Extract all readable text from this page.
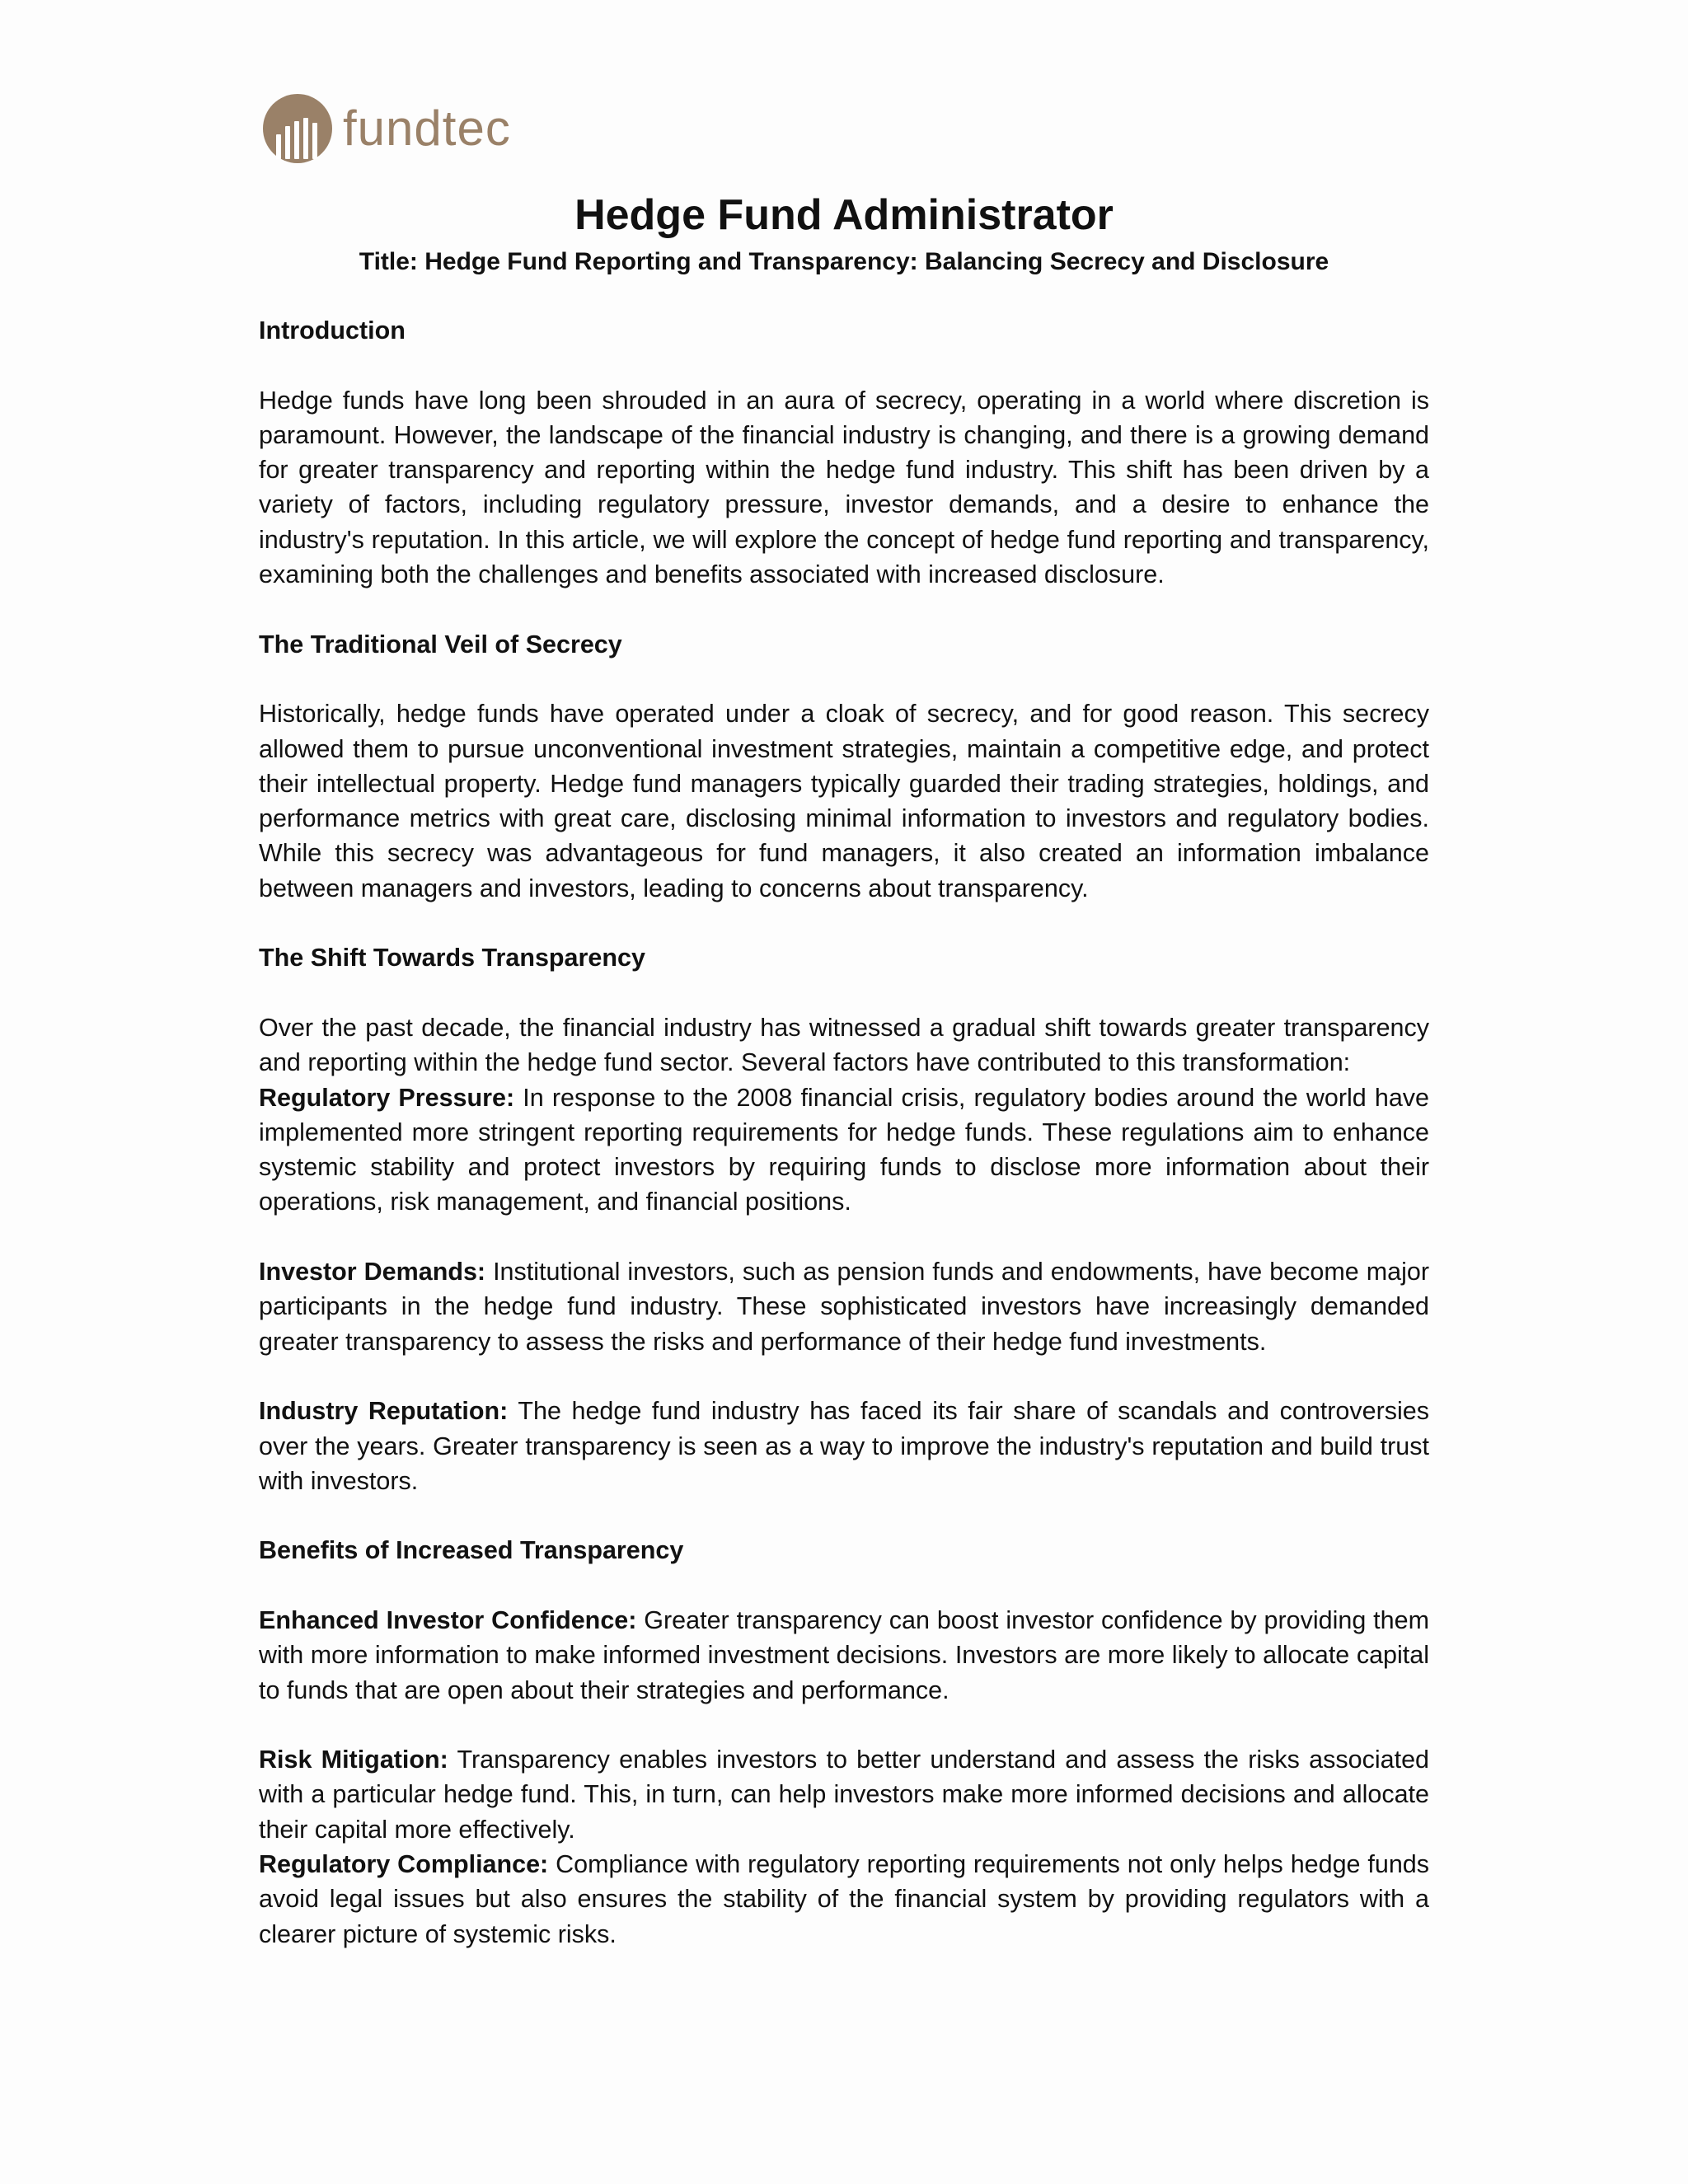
fundtec
Hedge Fund Administrator
Title: Hedge Fund Reporting and Transparency: Balancing Secrecy and Disclosure
Introduction

Hedge funds have long been shrouded in an aura of secrecy, operating in a world where discretion is paramount. However, the landscape of the financial industry is changing, and there is a growing demand for greater transparency and reporting within the hedge fund industry. This shift has been driven by a variety of factors, including regulatory pressure, investor demands, and a desire to enhance the industry's reputation. In this article, we will explore the concept of hedge fund reporting and transparency, examining both the challenges and benefits associated with increased disclosure.

The Traditional Veil of Secrecy

Historically, hedge funds have operated under a cloak of secrecy, and for good reason. This secrecy allowed them to pursue unconventional investment strategies, maintain a competitive edge, and protect their intellectual property. Hedge fund managers typically guarded their trading strategies, holdings, and performance metrics with great care, disclosing minimal information to investors and regulatory bodies. While this secrecy was advantageous for fund managers, it also created an information imbalance between managers and investors, leading to concerns about transparency.

The Shift Towards Transparency

Over the past decade, the financial industry has witnessed a gradual shift towards greater transparency and reporting within the hedge fund sector. Several factors have contributed to this transformation:

Regulatory Pressure: In response to the 2008 financial crisis, regulatory bodies around the world have implemented more stringent reporting requirements for hedge funds. These regulations aim to enhance systemic stability and protect investors by requiring funds to disclose more information about their operations, risk management, and financial positions.

Investor Demands: Institutional investors, such as pension funds and endowments, have become major participants in the hedge fund industry. These sophisticated investors have increasingly demanded greater transparency to assess the risks and performance of their hedge fund investments.

Industry Reputation: The hedge fund industry has faced its fair share of scandals and controversies over the years. Greater transparency is seen as a way to improve the industry's reputation and build trust with investors.

Benefits of Increased Transparency

Enhanced Investor Confidence: Greater transparency can boost investor confidence by providing them with more information to make informed investment decisions. Investors are more likely to allocate capital to funds that are open about their strategies and performance.

Risk Mitigation: Transparency enables investors to better understand and assess the risks associated with a particular hedge fund. This, in turn, can help investors make more informed decisions and allocate their capital more effectively.

Regulatory Compliance: Compliance with regulatory reporting requirements not only helps hedge funds avoid legal issues but also ensures the stability of the financial system by providing regulators with a clearer picture of systemic risks.
